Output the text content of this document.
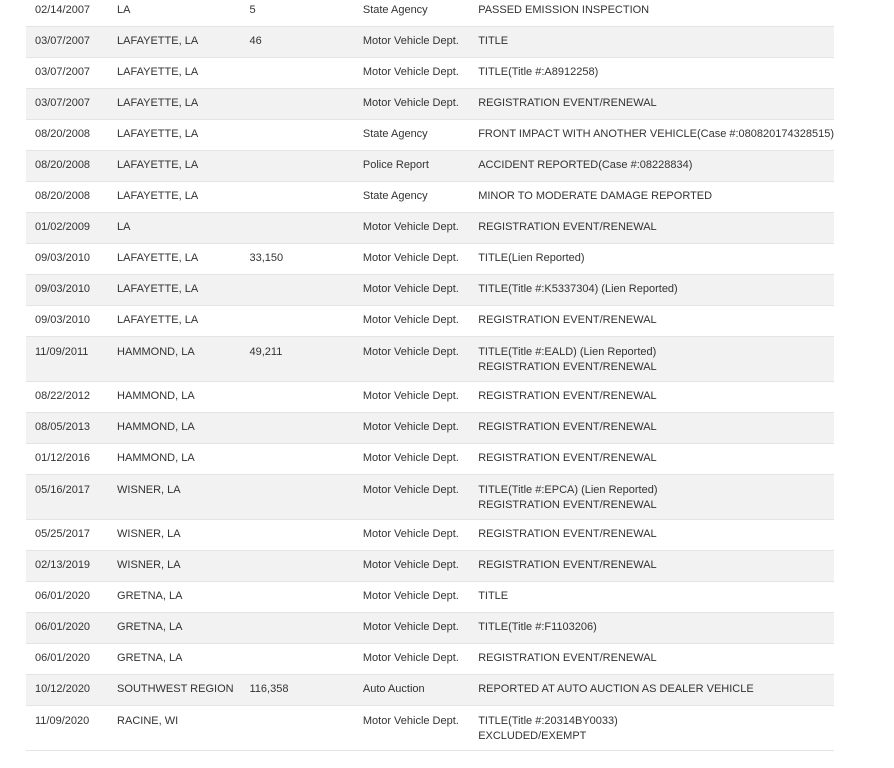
02/14/2007	LA	5	State Agency	PASSED EMISSION INSPECTION

03/07/2007	LAFAYETTE, LA	46	Motor Vehicle Dept.	TITLE

03/07/2007	LAFAYETTE, LA		Motor Vehicle Dept.	TITLE(Title #:A8912258)

03/07/2007	LAFAYETTE, LA		Motor Vehicle Dept.	REGISTRATION EVENT/RENEWAL

08/20/2008	LAFAYETTE, LA		State Agency	FRONT IMPACT WITH ANOTHER VEHICLE(Case #:080820174328515)

08/20/2008	LAFAYETTE, LA		Police Report	ACCIDENT REPORTED(Case #:08228834)

08/20/2008	LAFAYETTE, LA		State Agency	MINOR TO MODERATE DAMAGE REPORTED

01/02/2009	LA		Motor Vehicle Dept.	REGISTRATION EVENT/RENEWAL

09/03/2010	LAFAYETTE, LA	33,150	Motor Vehicle Dept.	TITLE(Lien Reported)

09/03/2010	LAFAYETTE, LA		Motor Vehicle Dept.	TITLE(Title #:K5337304) (Lien Reported)

09/03/2010	LAFAYETTE, LA		Motor Vehicle Dept.	REGISTRATION EVENT/RENEWAL

11/09/2011	HAMMOND, LA	49,211	Motor Vehicle Dept.	TITLE(Title #:EALD) (Lien Reported)
REGISTRATION EVENT/RENEWAL

08/22/2012	HAMMOND, LA		Motor Vehicle Dept.	REGISTRATION EVENT/RENEWAL

08/05/2013	HAMMOND, LA		Motor Vehicle Dept.	REGISTRATION EVENT/RENEWAL

01/12/2016	HAMMOND, LA		Motor Vehicle Dept.	REGISTRATION EVENT/RENEWAL

05/16/2017	WISNER, LA		Motor Vehicle Dept.	TITLE(Title #:EPCA) (Lien Reported)
REGISTRATION EVENT/RENEWAL

05/25/2017	WISNER, LA		Motor Vehicle Dept.	REGISTRATION EVENT/RENEWAL

02/13/2019	WISNER, LA		Motor Vehicle Dept.	REGISTRATION EVENT/RENEWAL

06/01/2020	GRETNA, LA		Motor Vehicle Dept.	TITLE

06/01/2020	GRETNA, LA		Motor Vehicle Dept.	TITLE(Title #:F1103206)

06/01/2020	GRETNA, LA		Motor Vehicle Dept.	REGISTRATION EVENT/RENEWAL

10/12/2020	SOUTHWEST REGION	116,358	Auto Auction	REPORTED AT AUTO AUCTION AS DEALER VEHICLE

11/09/2020	RACINE, WI		Motor Vehicle Dept.	TITLE(Title #:20314BY0033)
EXCLUDED/EXEMPT
